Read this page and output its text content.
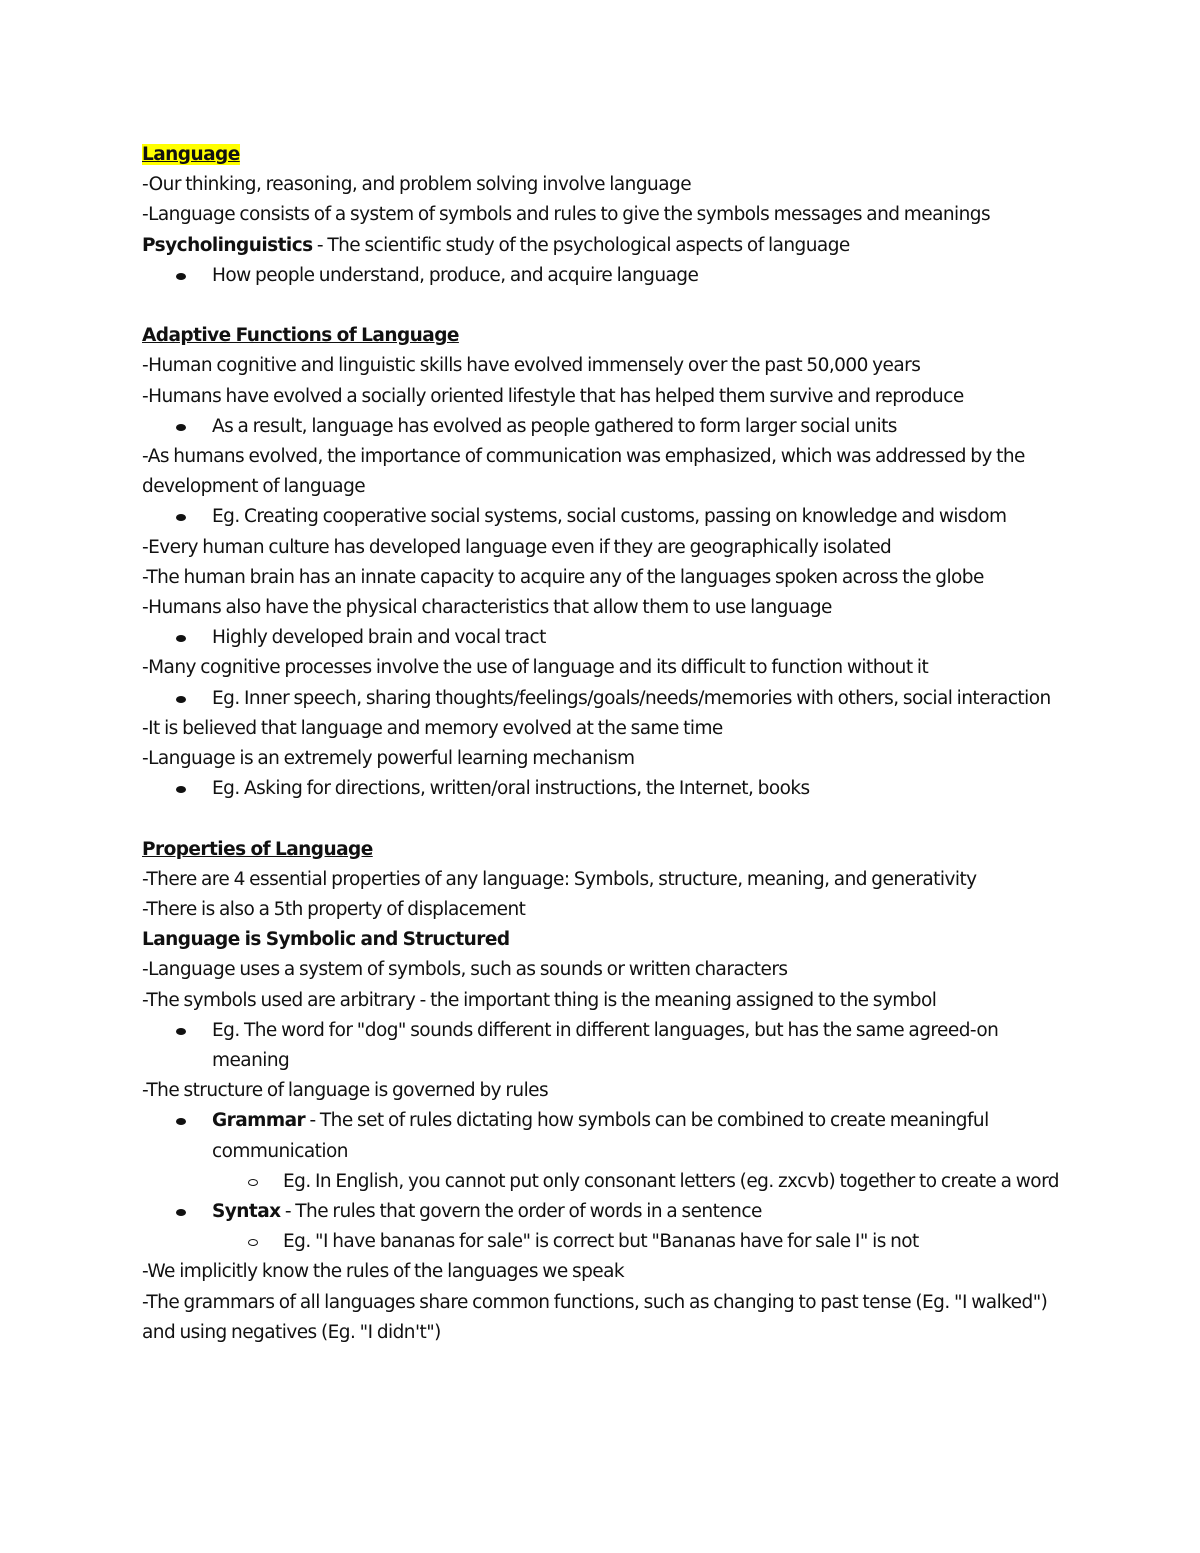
Language

-Our thinking, reasoning, and problem solving involve language

-Language consists of a system of symbols and rules to give the symbols messages and meanings

Psycholinguistics - The scientific study of the psychological aspects of language

How people understand, produce, and acquire language

Adaptive Functions of Language

-Human cognitive and linguistic skills have evolved immensely over the past 50,000 years

-Humans have evolved a socially oriented lifestyle that has helped them survive and reproduce

As a result, language has evolved as people gathered to form larger social units

-As humans evolved, the importance of communication was emphasized, which was addressed by the development of language

Eg. Creating cooperative social systems, social customs, passing on knowledge and wisdom

-Every human culture has developed language even if they are geographically isolated

-The human brain has an innate capacity to acquire any of the languages spoken across the globe

-Humans also have the physical characteristics that allow them to use language

Highly developed brain and vocal tract

-Many cognitive processes involve the use of language and its difficult to function without it

Eg. Inner speech, sharing thoughts/feelings/goals/needs/memories with others, social interaction

-It is believed that language and memory evolved at the same time

-Language is an extremely powerful learning mechanism

Eg. Asking for directions, written/oral instructions, the Internet, books

Properties of Language

-There are 4 essential properties of any language: Symbols, structure, meaning, and generativity

-There is also a 5th property of displacement

Language is Symbolic and Structured

-Language uses a system of symbols, such as sounds or written characters

-The symbols used are arbitrary - the important thing is the meaning assigned to the symbol

Eg. The word for "dog" sounds different in different languages, but has the same agreed-on meaning

-The structure of language is governed by rules

Grammar - The set of rules dictating how symbols can be combined to create meaningful communication

Eg. In English, you cannot put only consonant letters (eg. zxcvb) together to create a word

Syntax - The rules that govern the order of words in a sentence

Eg. "I have bananas for sale" is correct but "Bananas have for sale I" is not

-We implicitly know the rules of the languages we speak

-The grammars of all languages share common functions, such as changing to past tense (Eg. "I walked") and using negatives (Eg. "I didn't")
